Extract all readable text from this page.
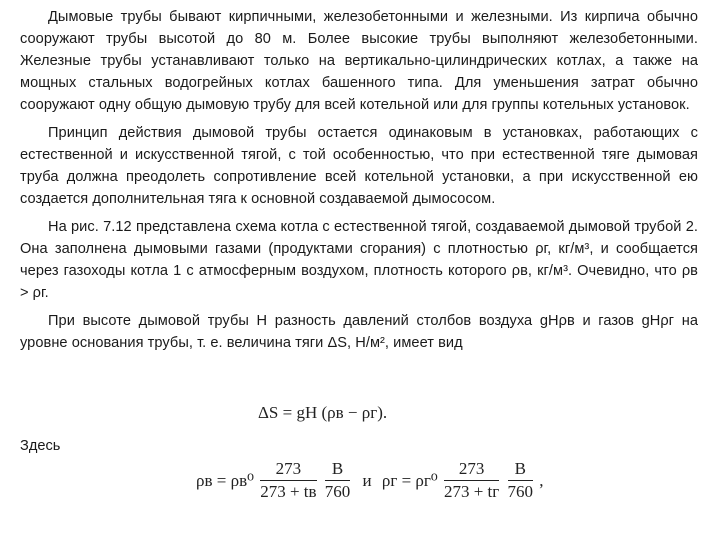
Дымовые трубы бывают кирпичными, железобетонными и железными. Из кирпича обычно сооружают трубы высотой до 80 м. Более высокие трубы выполняют железобетонными. Железные трубы устанавливают только на вертикально-цилиндрических котлах, а также на мощных стальных водогрейных котлах башенного типа. Для уменьшения затрат обычно сооружают одну общую дымовую трубу для всей котельной или для группы котельных установок.

Принцип действия дымовой трубы остается одинаковым в установках, работающих с естественной и искусственной тягой, с той особенностью, что при естественной тяге дымовая труба должна преодолеть сопротивление всей котельной установки, а при искусственной ею создается дополнительная тяга к основной создаваемой дымососом.

На рис. 7.12 представлена схема котла с естественной тягой, создаваемой дымовой трубой 2. Она заполнена дымовыми газами (продуктами сгорания) с плотностью ρг, кг/м³, и сообщается через газоходы котла 1 с атмосферным воздухом, плотность которого ρв, кг/м³. Очевидно, что ρв > ρг.

При высоте дымовой трубы H разность давлений столбов воздуха gHρв и газов gHρг на уровне основания трубы, т. е. величина тяги ΔS, Н/м², имеет вид

ΔS = gH (ρв − ρг).
Здесь
$\rho в = \rho в^0 \frac{273}{273 + tв}$
$\frac{B}{760}$ и $\rho г = \rho г^0 \frac{273}{273 + tг}$
$\frac{B}{760}$ ,
